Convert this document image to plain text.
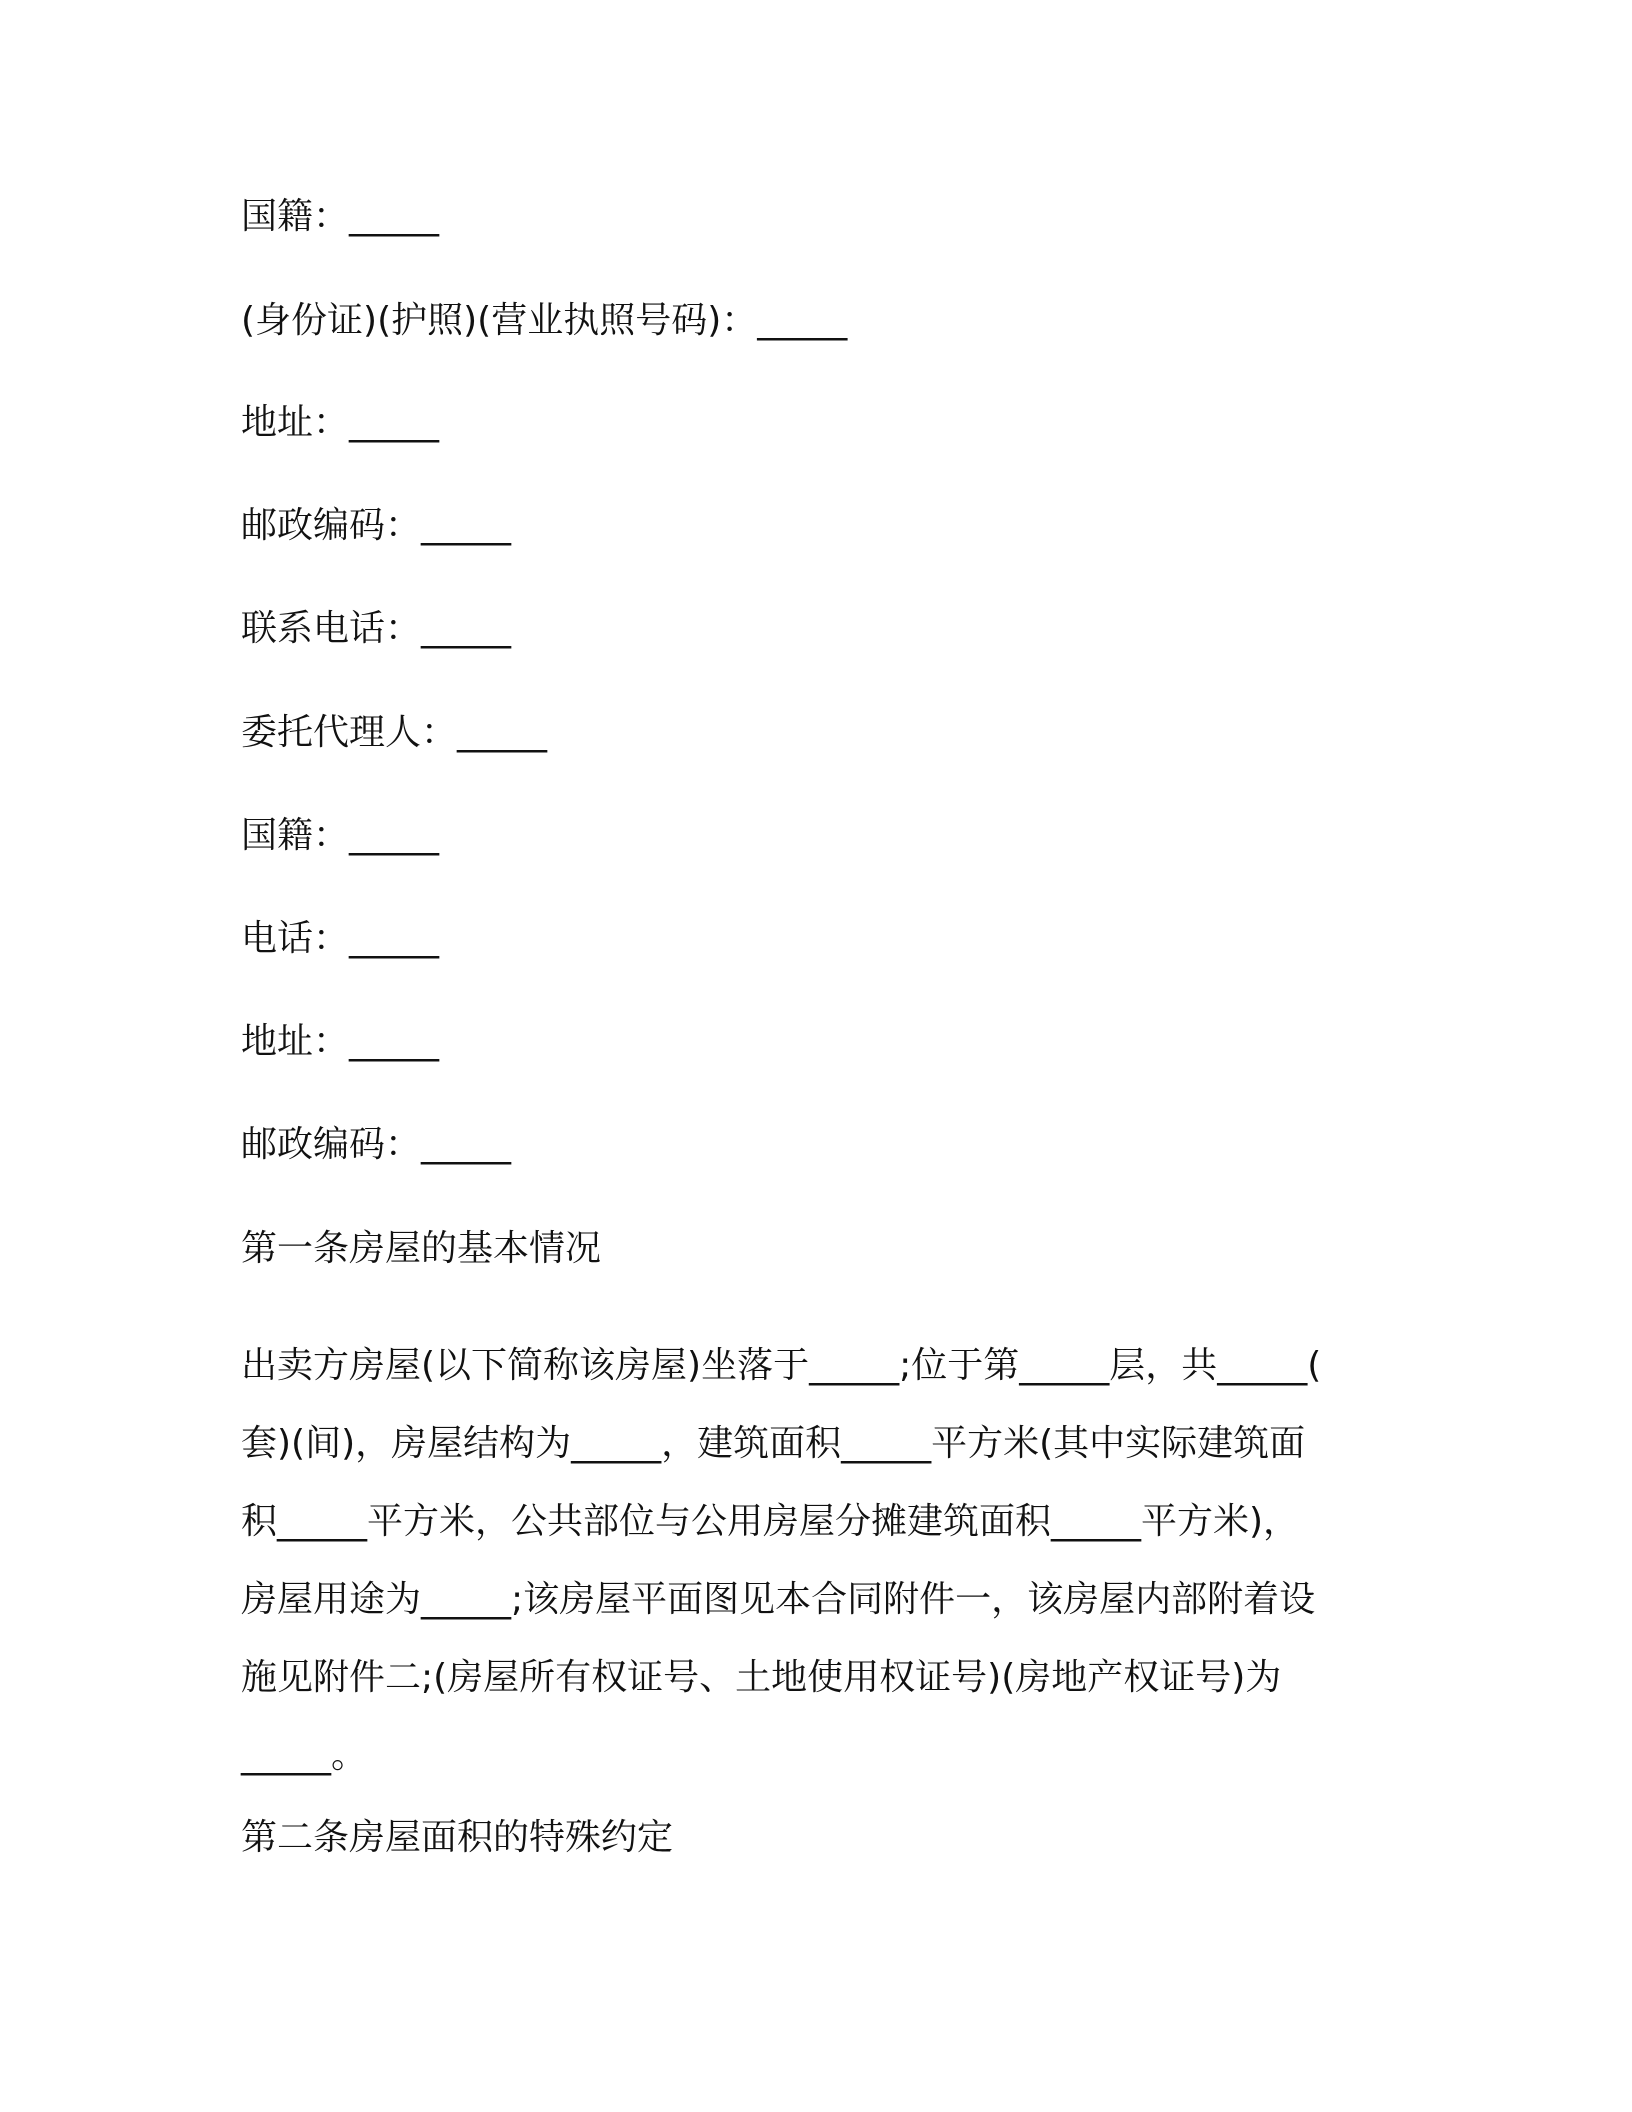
国籍：_____

(身份证)(护照)(营业执照号码)：_____

地址：_____

邮政编码：_____

联系电话：_____

委托代理人：_____

国籍：_____

电话：_____

地址：_____

邮政编码：_____

第一条房屋的基本情况

出卖方房屋(以下简称该房屋)坐落于_____;位于第_____层，共_____(
套)(间)，房屋结构为_____，建筑面积_____平方米(其中实际建筑面
积_____平方米，公共部位与公用房屋分摊建筑面积_____平方米)，
房屋用途为_____;该房屋平面图见本合同附件一，该房屋内部附着设
施见附件二;(房屋所有权证号、土地使用权证号)(房地产权证号)为
_____。

第二条房屋面积的特殊约定
